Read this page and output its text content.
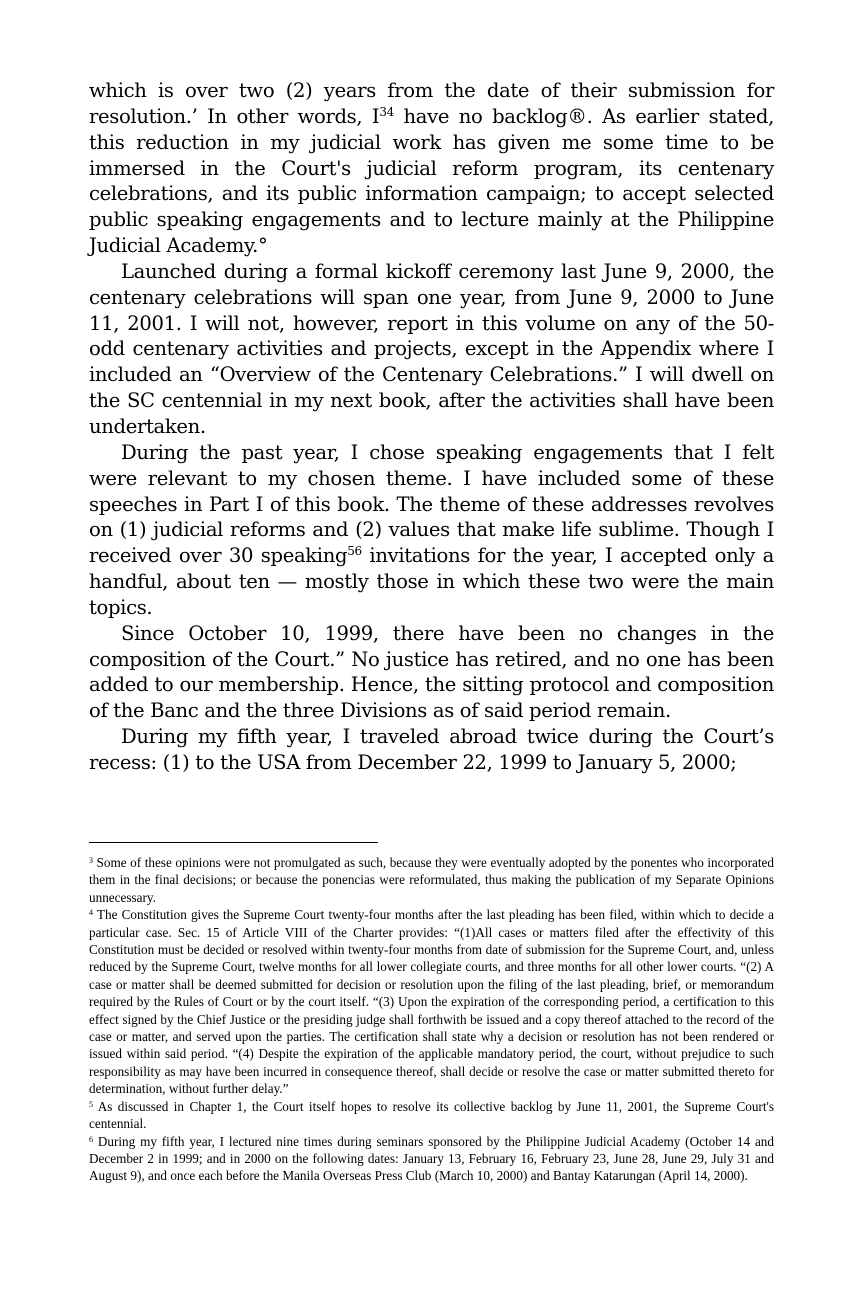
which is over two (2) years from the date of their submission for resolution.’ In other words, $I^{34}$ have no backlog®. As earlier stated, this reduction in my judicial work has given me some time to be immersed in the Court's judicial reform program, its centenary celebrations, and its public information campaign; to accept selected public speaking engagements and to lecture mainly at the Philippine Judicial Academy.°

Launched during a formal kickoff ceremony last June 9, 2000, the centenary celebrations will span one year, from June 9, 2000 to June 11, 2001. I will not, however, report in this volume on any of the 50-odd centenary activities and projects, except in the Appendix where I included an “Overview of the Centenary Celebrations.” I will dwell on the SC centennial in my next book, after the activities shall have been undertaken.

During the past year, I chose speaking engagements that I felt were relevant to my chosen theme. I have included some of these speeches in Part I of this book. The theme of these addresses revolves on (1) judicial reforms and (2) values that make life sublime. Though I received over 30 speaking$^{56}$ invitations for the year, I accepted only a handful, about ten — mostly those in which these two were the main topics.

Since October 10, 1999, there have been no changes in the composition of the Court.” No justice has retired, and no one has been added to our membership. Hence, the sitting protocol and composition of the Banc and the three Divisions as of said period remain.

During my fifth year, I traveled abroad twice during the Court’s recess: (1) to the USA from December 22, 1999 to January 5, 2000;

$^3$ Some of these opinions were not promulgated as such, because they were eventually adopted by the ponentes who incorporated them in the final decisions; or because the ponencias were reformulated, thus making the publication of my Separate Opinions unnecessary.

$^4$ The Constitution gives the Supreme Court twenty-four months after the last pleading has been filed, within which to decide a particular case. Sec. 15 of Article VIII of the Charter provides: “(1)All cases or matters filed after the effectivity of this Constitution must be decided or resolved within twenty-four months from date of submission for the Supreme Court, and, unless reduced by the Supreme Court, twelve months for all lower collegiate courts, and three months for all other lower courts. “(2) A case or matter shall be deemed submitted for decision or resolution upon the filing of the last pleading, brief, or memorandum required by the Rules of Court or by the court itself. “(3) Upon the expiration of the corresponding period, a certification to this effect signed by the Chief Justice or the presiding judge shall forthwith be issued and a copy thereof attached to the record of the case or matter, and served upon the parties. The certification shall state why a decision or resolution has not been rendered or issued within said period. “(4) Despite the expiration of the applicable mandatory period, the court, without prejudice to such responsibility as may have been incurred in consequence thereof, shall decide or resolve the case or matter submitted thereto for determination, without further delay.”

$^5$ As discussed in Chapter 1, the Court itself hopes to resolve its collective backlog by June 11, 2001, the Supreme Court's centennial.

$^6$ During my fifth year, I lectured nine times during seminars sponsored by the Philippine Judicial Academy (October 14 and December 2 in 1999; and in 2000 on the following dates: January 13, February 16, February 23, June 28, June 29, July 31 and August 9), and once each before the Manila Overseas Press Club (March 10, 2000) and Bantay Katarungan (April 14, 2000).
